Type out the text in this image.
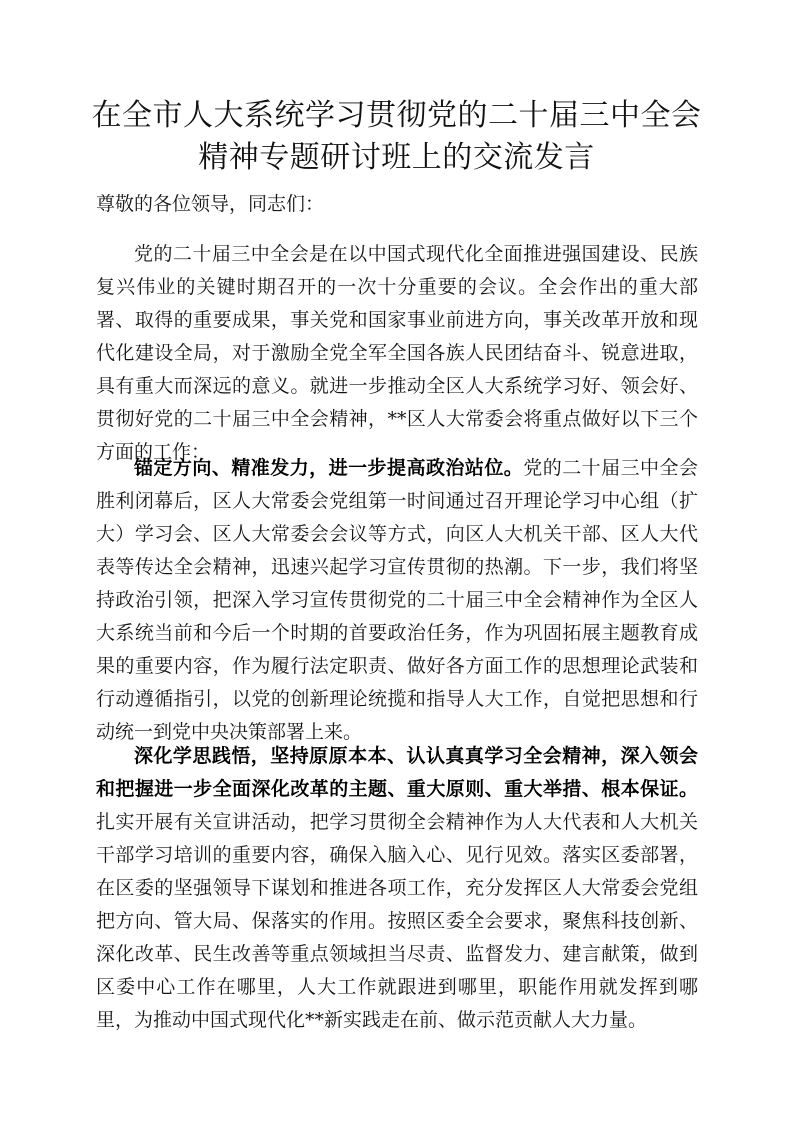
在全市人大系统学习贯彻党的二十届三中全会
精神专题研讨班上的交流发言
尊敬的各位领导，同志们：
党的二十届三中全会是在以中国式现代化全面推进强国建设、民族复兴伟业的关键时期召开的一次十分重要的会议。全会作出的重大部署、取得的重要成果，事关党和国家事业前进方向，事关改革开放和现代化建设全局，对于激励全党全军全国各族人民团结奋斗、锐意进取，具有重大而深远的意义。就进一步推动全区人大系统学习好、领会好、贯彻好党的二十届三中全会精神，**区人大常委会将重点做好以下三个方面的工作：
锚定方向、精准发力，进一步提高政治站位。党的二十届三中全会胜利闭幕后，区人大常委会党组第一时间通过召开理论学习中心组（扩大）学习会、区人大常委会会议等方式，向区人大机关干部、区人大代表等传达全会精神，迅速兴起学习宣传贯彻的热潮。下一步，我们将坚持政治引领，把深入学习宣传贯彻党的二十届三中全会精神作为全区人大系统当前和今后一个时期的首要政治任务，作为巩固拓展主题教育成果的重要内容，作为履行法定职责、做好各方面工作的思想理论武装和行动遵循指引，以党的创新理论统揽和指导人大工作，自觉把思想和行动统一到党中央决策部署上来。
深化学思践悟，坚持原原本本、认认真真学习全会精神，深入领会和把握进一步全面深化改革的主题、重大原则、重大举措、根本保证。扎实开展有关宣讲活动，把学习贯彻全会精神作为人大代表和人大机关干部学习培训的重要内容，确保入脑入心、见行见效。落实区委部署，在区委的坚强领导下谋划和推进各项工作，充分发挥区人大常委会党组把方向、管大局、保落实的作用。按照区委全会要求，聚焦科技创新、深化改革、民生改善等重点领域担当尽责、监督发力、建言献策，做到区委中心工作在哪里，人大工作就跟进到哪里，职能作用就发挥到哪里，为推动中国式现代化**新实践走在前、做示范贡献人大力量。
